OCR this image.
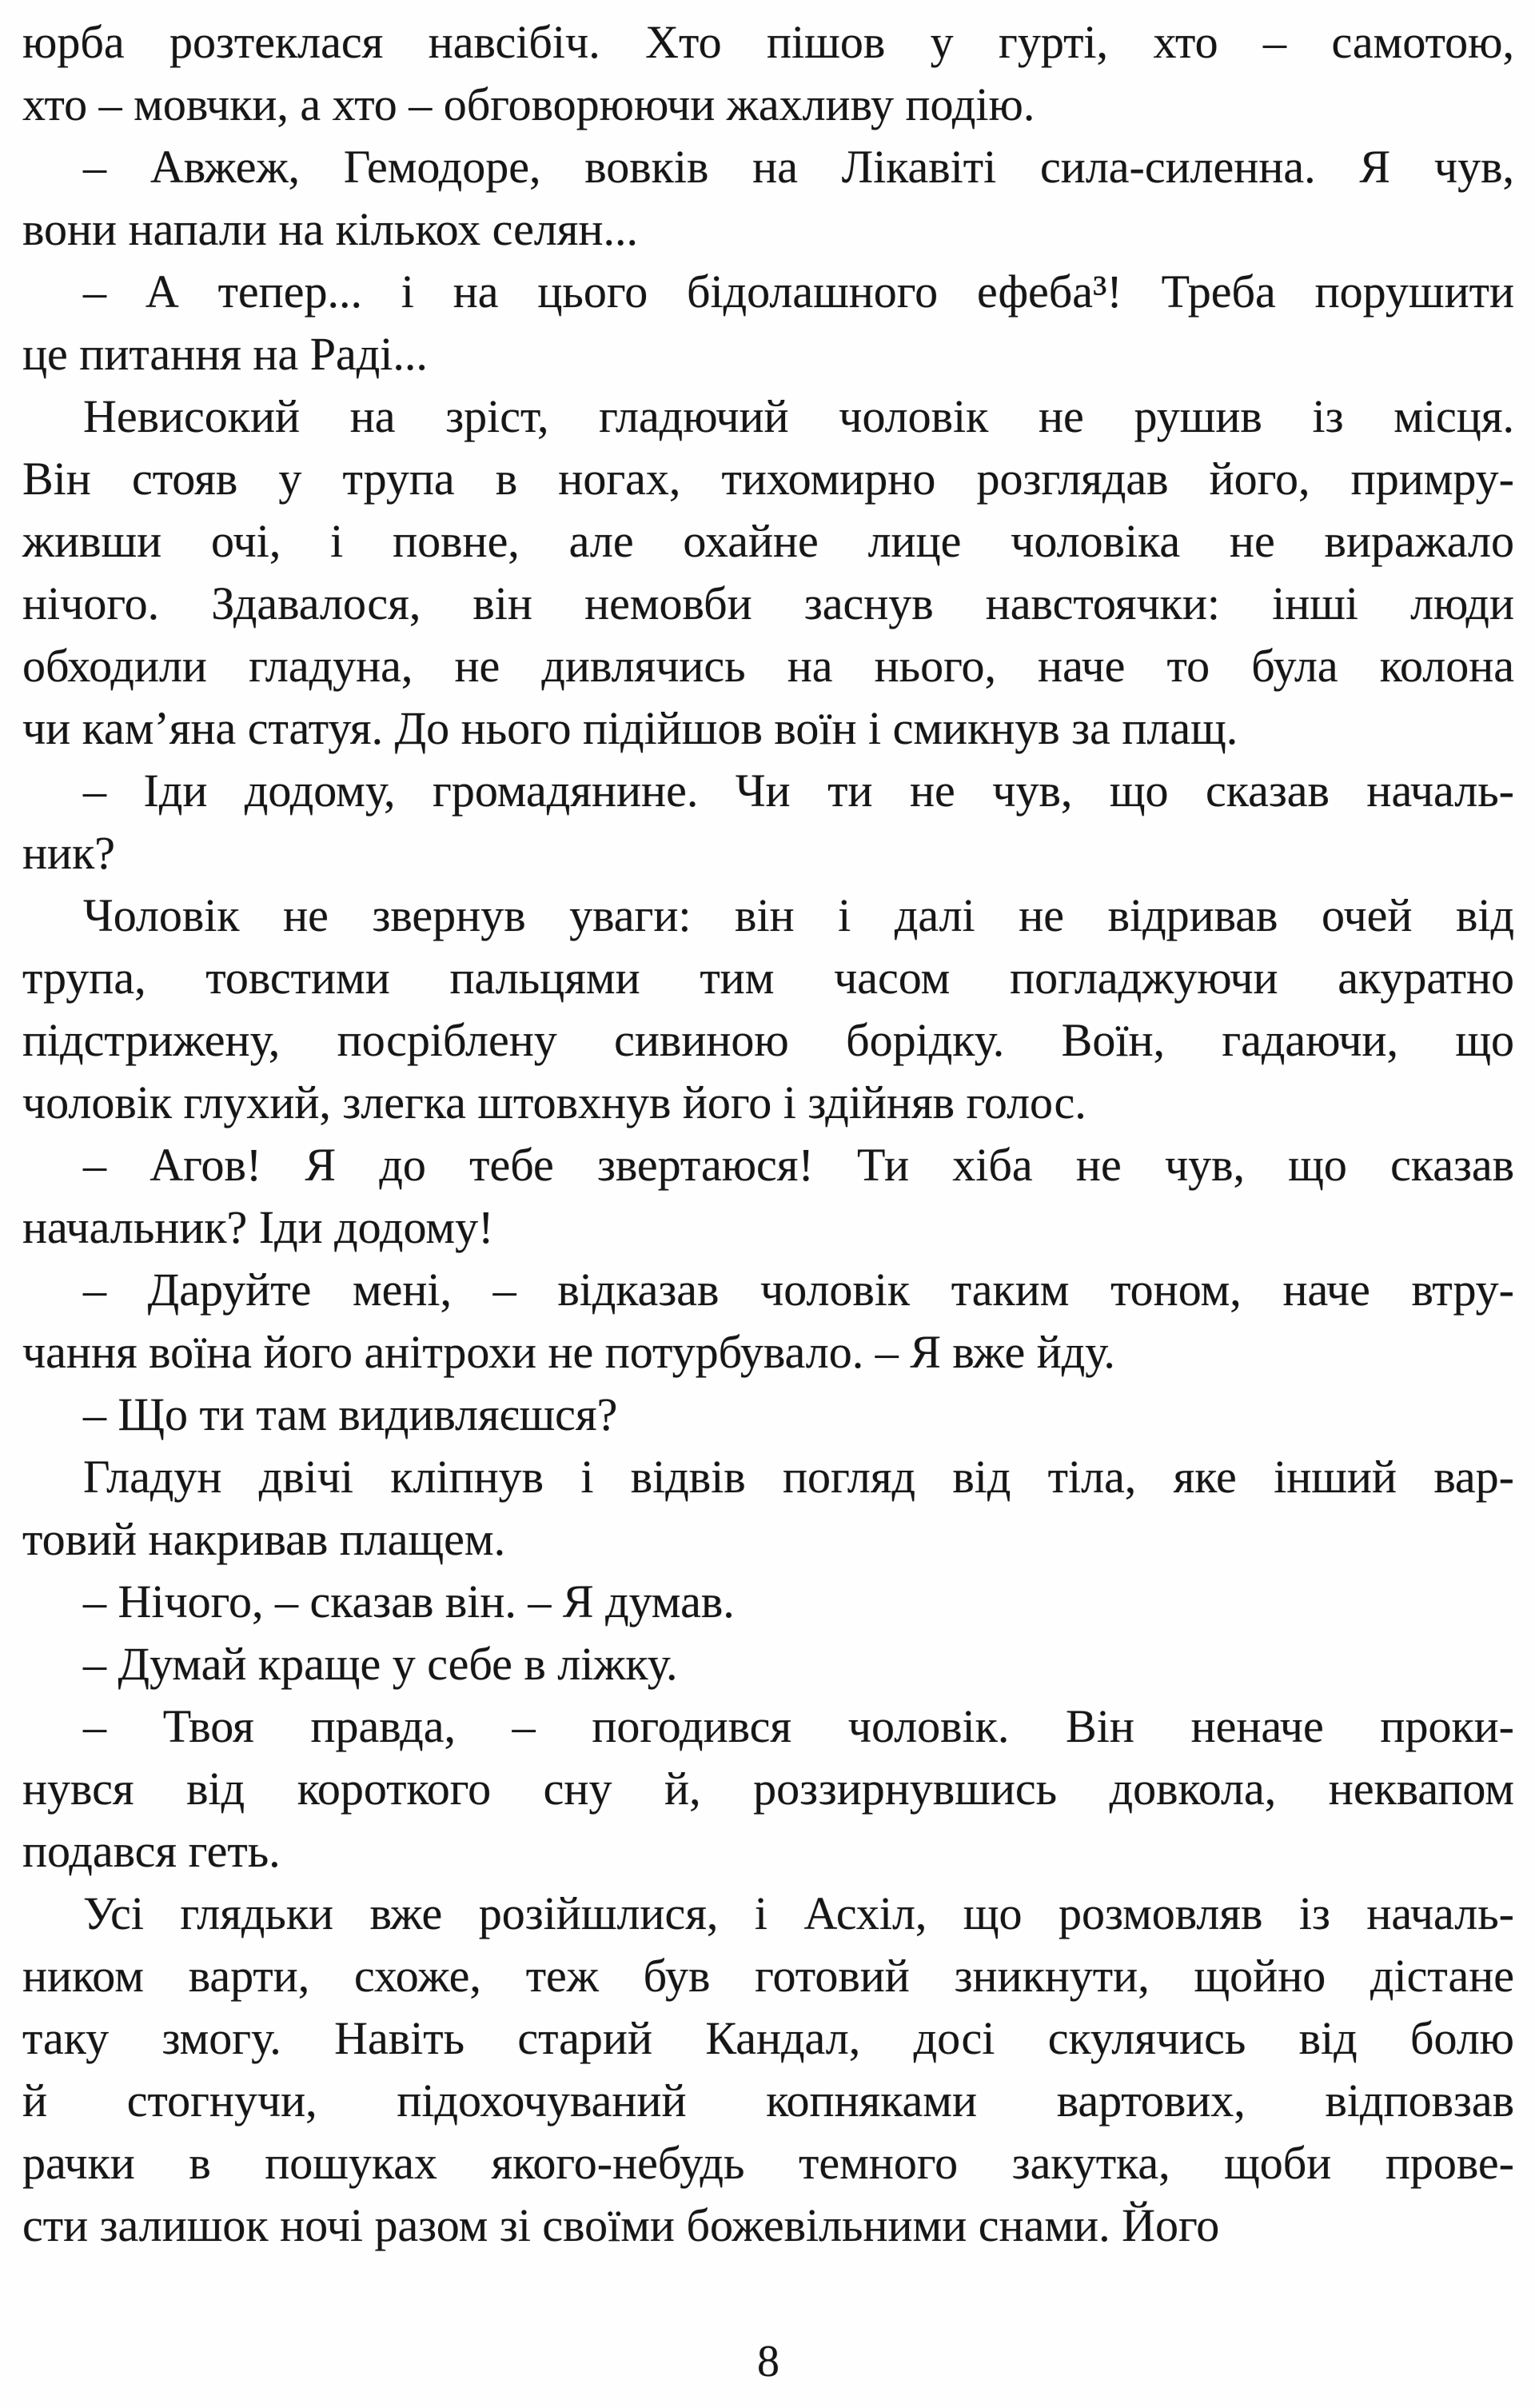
юрба розтеклася навсібіч. Хто пішов у гурті, хто – самотою,
хто – мовчки, а хто – обговорюючи жахливу подію.

– Авжеж, Гемодоре, вовків на Лікавіті сила-силенна. Я чув,
вони напали на кількох селян...

– А тепер... і на цього бідолашного ефеба³! Треба порушити
це питання на Раді...

Невисокий на зріст, гладючий чоловік не рушив із місця.
Він стояв у трупа в ногах, тихомирно розглядав його, примру-
живши очі, і повне, але охайне лице чоловіка не виражало
нічого. Здавалося, він немовби заснув навстоячки: інші люди
обходили гладуна, не дивлячись на нього, наче то була колона
чи кам’яна статуя. До нього підійшов воїн і смикнув за плащ.

– Іди додому, громадянине. Чи ти не чув, що сказав началь-
ник?

Чоловік не звернув уваги: він і далі не відривав очей від
трупа, товстими пальцями тим часом погладжуючи акуратно
підстрижену, посріблену сивиною борідку. Воїн, гадаючи, що
чоловік глухий, злегка штовхнув його і здійняв голос.

– Агов! Я до тебе звертаюся! Ти хіба не чув, що сказав
начальник? Іди додому!

– Даруйте мені, – відказав чоловік таким тоном, наче втру-
чання воїна його анітрохи не потурбувало. – Я вже йду.

– Що ти там видивляєшся?

Гладун двічі кліпнув і відвів погляд від тіла, яке інший вар-
товий накривав плащем.

– Нічого, – сказав він. – Я думав.

– Думай краще у себе в ліжку.

– Твоя правда, – погодився чоловік. Він неначе проки-
нувся від короткого сну й, роззирнувшись довкола, неквапом
подався геть.

Усі глядьки вже розійшлися, і Асхіл, що розмовляв із началь-
ником варти, схоже, теж був готовий зникнути, щойно дістане
таку змогу. Навіть старий Кандал, досі скулячись від болю
й стогнучи, підохочуваний копняками вартових, відповзав
рачки в пошуках якого-небудь темного закутка, щоби прове-
сти залишок ночі разом зі своїми божевільними снами. Його

8
